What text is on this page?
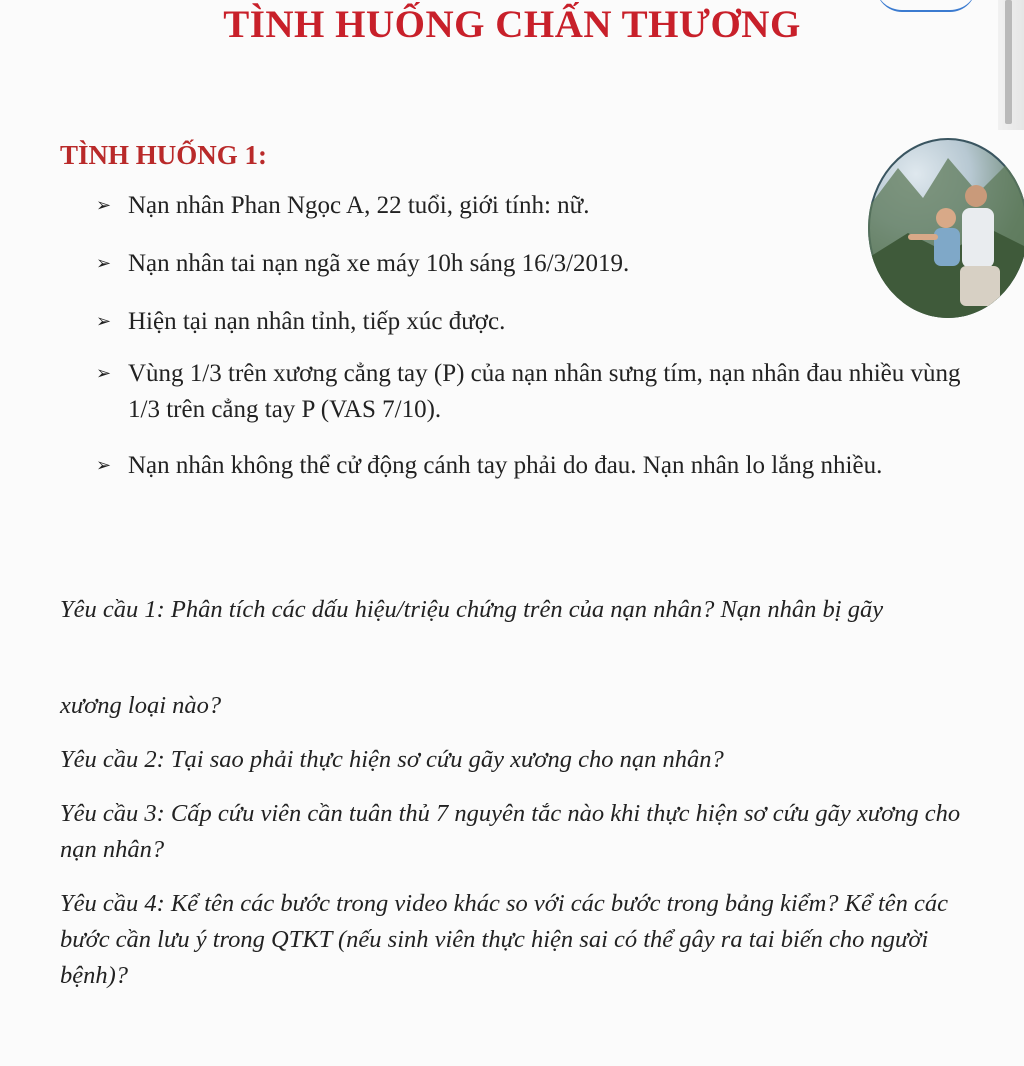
TÌNH HUỐNG CHẤN THƯƠNG
TÌNH HUỐNG 1:
➢ Nạn nhân Phan Ngọc A, 22 tuổi, giới tính: nữ.
➢ Nạn nhân tai nạn ngã xe máy 10h sáng 16/3/2019.
➢ Hiện tại nạn nhân tỉnh, tiếp xúc được.
➢ Vùng 1/3 trên xương cẳng tay (P) của nạn nhân sưng tím, nạn nhân đau nhiều vùng 1/3 trên cẳng tay P (VAS 7/10).
➢ Nạn nhân không thể cử động cánh tay phải do đau. Nạn nhân lo lắng nhiều.

Yêu cầu 1: Phân tích các dấu hiệu/triệu chứng trên của nạn nhân? Nạn nhân bị gãy

xương loại nào?

Yêu cầu 2: Tại sao phải thực hiện sơ cứu gãy xương cho nạn nhân?

Yêu cầu 3: Cấp cứu viên cần tuân thủ 7 nguyên tắc nào khi thực hiện sơ cứu gãy xương cho nạn nhân?

Yêu cầu 4: Kể tên các bước trong video khác so với các bước trong bảng kiểm? Kể tên các bước cần lưu ý trong QTKT (nếu sinh viên thực hiện sai có thể gây ra tai biến cho người bệnh)?
